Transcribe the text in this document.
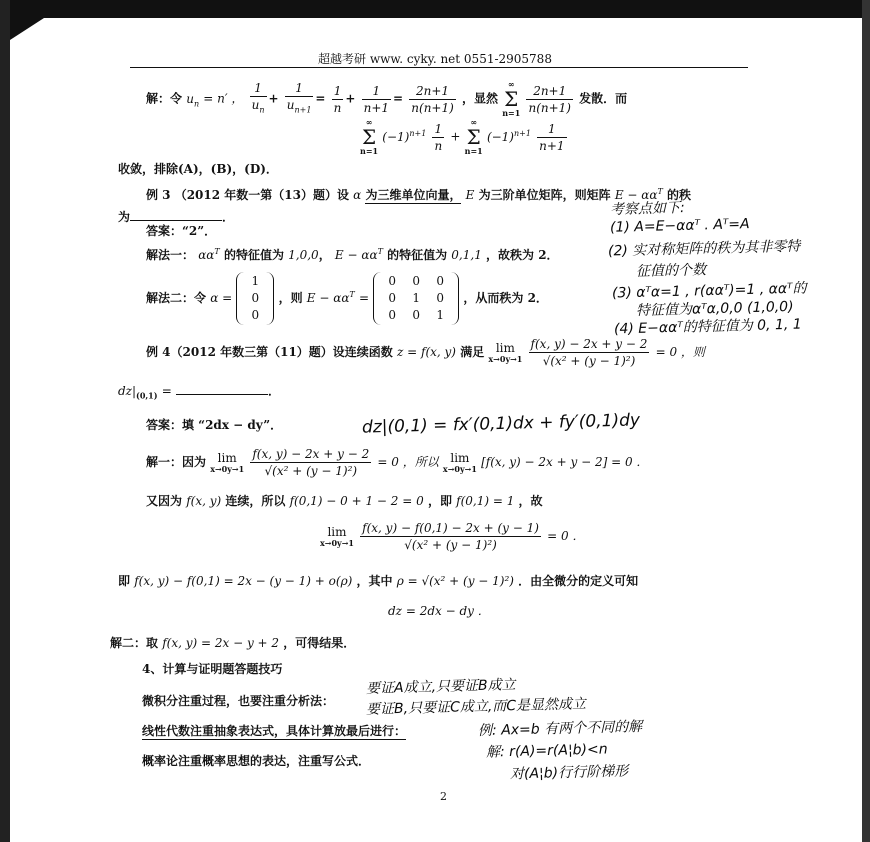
超越考研 www. cyky. net 0551-2905788
解：令 $u_n = n'$ ， $\frac{1}{u_n} + \frac{1}{u_{n+1}} = \frac{1}{n} + \frac{1}{n+1} = \frac{2n+1}{n(n+1)}$ ，显然 ∞
Σ
$n=1 \frac{2n+1}{n(n+1)}$ 发散．而
∞
Σ
n=1 $(-1)^{n+1} \frac{1}{n}$ + ∞
Σ
n=1 $(-1)^{n+1} \frac{1}{n+1}$
收敛，排除(A)，(B)，(D)．
例 3 （2012 年数一第（13）题）设 α 为三维单位向量， E 为三阶单位矩阵，则矩阵 $E - \alpha\alpha^T$ 的秩
为	．
答案：“2”．
解法一： $\alpha\alpha^T$ 的特征值为 1,0,0， $E - \alpha\alpha^T$ 的特征值为 0,1,1 ，故秩为 2．
解法二：令 α =
1
0
0
，则 $E - \alpha\alpha^T$ =
0 0 0
0 1 0
0 0 1
，从而秩为 2．
例 4（2012 年数三第（11）题）设连续函数 z = f(x, y) 满足 lim
$x\to 0y\to 1 \frac{f(x, y) - 2x + y - 2}{\text{√(x² + (y − 1)²)}} = 0$ ，则
$dz|_{(0,1)}$ =	．
答案：填 “2dx − dy”．
解一：因为 lim
$x\to 0y\to 1 \frac{f(x, y) - 2x + y - 2}{\text{√(x² + (y − 1)²)}} = 0$ ，所以 lim
x→0y→1 [f(x, y) − 2x + y − 2] = 0 ．
又因为 f(x, y) 连续，所以 f(0,1) − 0 + 1 − 2 = 0 ，即 f(0,1) = 1 ，故
lim
$x\to 0y\to 1 \frac{f(x, y) - f(0,1) - 2x + (y - 1)}{\text{√(x² + (y − 1)²)}} = 0$ ．
即 f(x, y) − f(0,1) = 2x − (y − 1) + o(ρ) ，其中 ρ = √(x² + (y − 1)²) ．由全微分的定义可知
dz = 2dx − dy ．
解二：取 f(x, y) = 2x − y + 2 ，可得结果．
4、计算与证明题答题技巧
微积分注重过程，也要注重分析法：
线性代数注重抽象表达式，具体计算放最后进行：
概率论注重概率思想的表达，注重写公式．
考察点如下:
(1) A=E−ααᵀ . Aᵀ=A
(2) 实对称矩阵的秩为其非零特
征值的个数
(3) αᵀα=1 , r(ααᵀ)=1 , ααᵀ的
特征值为αᵀα,0,0 (1,0,0)
(4) E−ααᵀ的特征值为 0, 1, 1
dz|(0,1) = fx′(0,1)dx + fy′(0,1)dy
要证A成立,只要证B成立
要证B,只要证C成立,而C是显然成立
例: Ax=b 有两个不同的解
解: r(A)=r(A¦b)<n
对(A¦b)行行阶梯形
2
